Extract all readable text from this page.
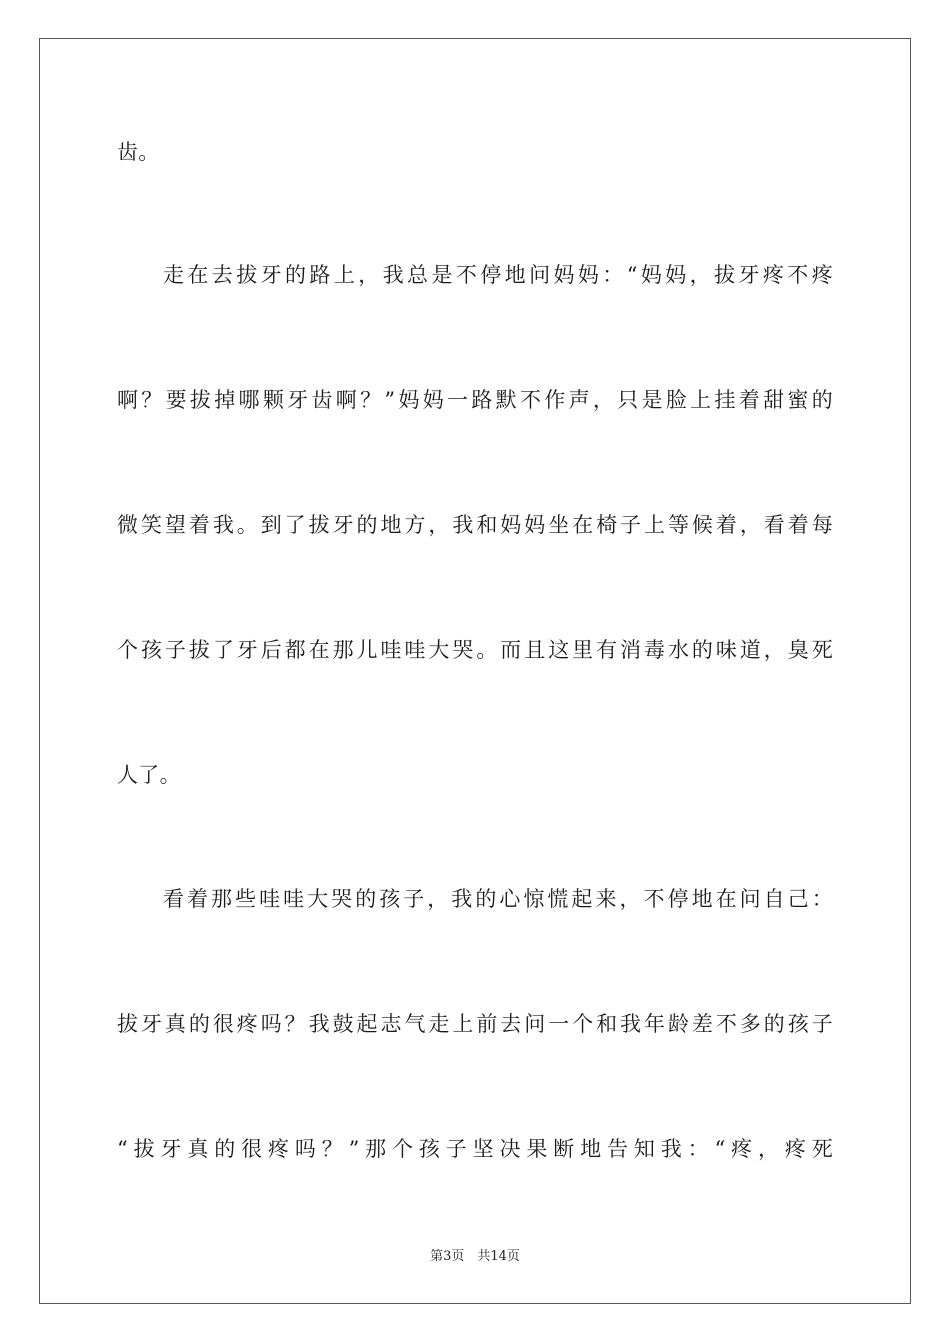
齿。
走在去拔牙的路上，我总是不停地问妈妈：“妈妈，拔牙疼不疼
啊？要拔掉哪颗牙齿啊？”妈妈一路默不作声，只是脸上挂着甜蜜的
微笑望着我。到了拔牙的地方，我和妈妈坐在椅子上等候着，看着每
个孩子拔了牙后都在那儿哇哇大哭。而且这里有消毒水的味道，臭死
人了。
看着那些哇哇大哭的孩子，我的心惊慌起来，不停地在问自己：
拔牙真的很疼吗？我鼓起志气走上前去问一个和我年龄差不多的孩子
“拔牙真的很疼吗？”那个孩子坚决果断地告知我：“疼，疼死
第3页　共14页
